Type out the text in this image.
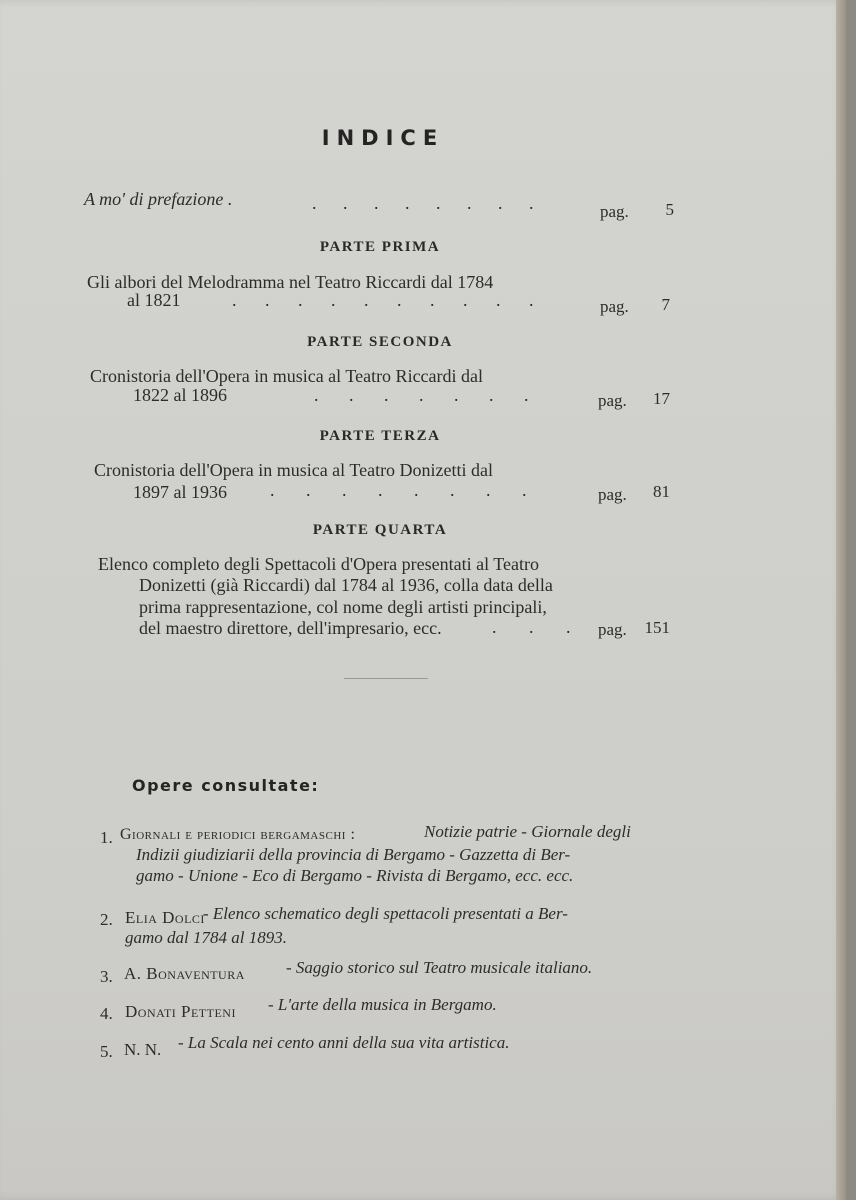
INDICE
A mo' di prefazione .	. . . . . . . .	pag.	5
PARTE PRIMA
Gli albori del Melodramma nel Teatro Riccardi dal 1784
al 1821	. . . . . . . . . .	pag.	7
PARTE SECONDA
Cronistoria dell'Opera in musica al Teatro Riccardi dal
1822 al 1896	. . . . . . .	pag.	17
PARTE TERZA
Cronistoria dell'Opera in musica al Teatro Donizetti dal
1897 al 1936 . . . . . . . .	pag.	81
PARTE QUARTA
Elenco completo degli Spettacoli d'Opera presentati al Teatro
Donizetti (già Riccardi) dal 1784 al 1936, colla data della
prima rappresentazione, col nome degli artisti principali,
del maestro direttore, dell'impresario, ecc.	. . . pag.	151
Opere consultate:
1. Giornali e periodici bergamaschi :	Notizie patrie - Giornale degli
Indizii giudiziarii della provincia di Bergamo - Gazzetta di Ber-
gamo - Unione - Eco di Bergamo - Rivista di Bergamo, ecc. ecc.
2. Elia Dolci
- Elenco schematico degli spettacoli presentati a Ber-
gamo dal 1784 al 1893.
3. A. Bonaventura - Saggio storico sul Teatro musicale italiano.
4. Donati Petteni - L'arte della musica in Bergamo.
5. N. N. - La Scala nei cento anni della sua vita artistica.
